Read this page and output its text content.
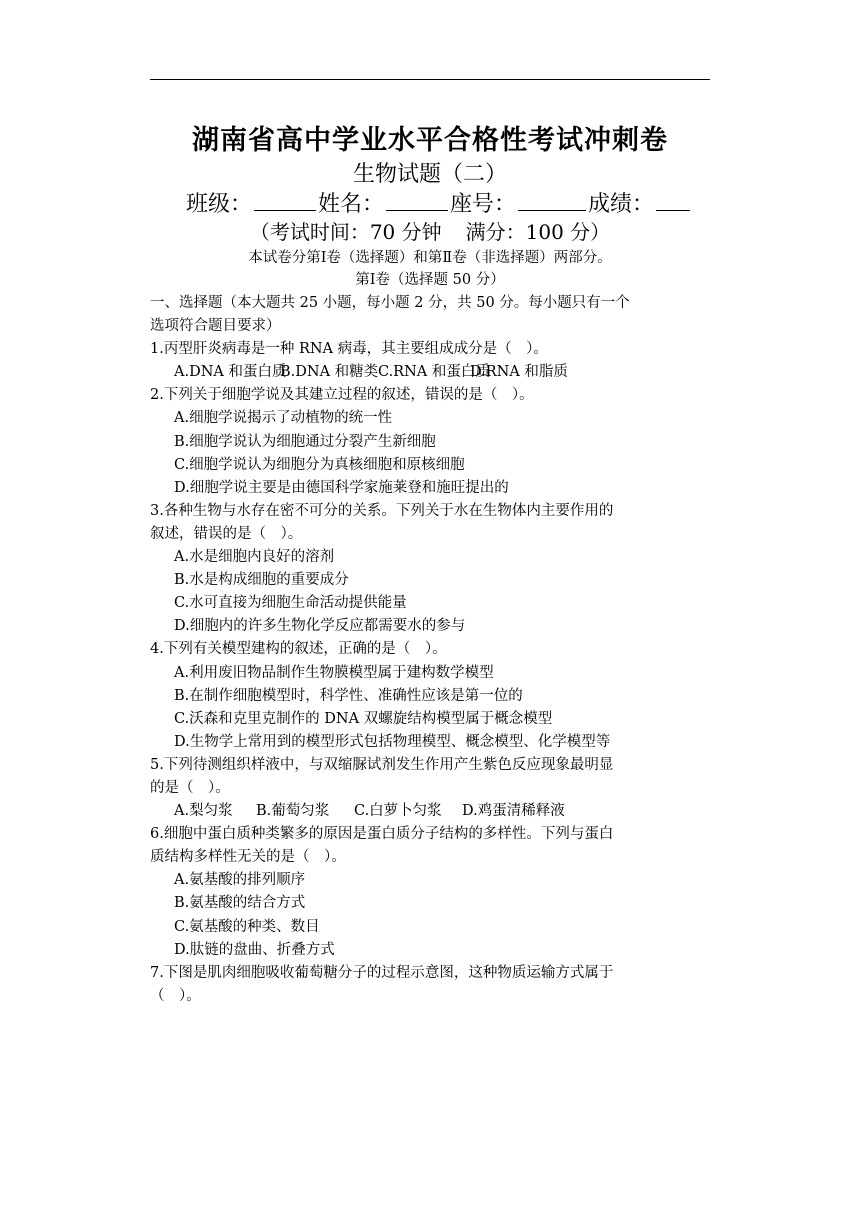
湖南省高中学业水平合格性考试冲刺卷
生物试题（二）
班级：	姓名：	座号：	成绩：
（考试时间：70 分钟 满分：100 分）
本试卷分第Ⅰ卷（选择题）和第Ⅱ卷（非选择题）两部分。
第Ⅰ卷（选择题 50 分）
一、选择题（本大题共 25 小题，每小题 2 分，共 50 分。每小题只有一个
选项符合题目要求）
1.丙型肝炎病毒是一种 RNA 病毒，其主要组成成分是（　）。
A.DNA 和蛋白质
B.DNA 和糖类 C.RNA 和蛋白质
D.RNA 和脂质
2.下列关于细胞学说及其建立过程的叙述，错误的是（　）。
A.细胞学说揭示了动植物的统一性
B.细胞学说认为细胞通过分裂产生新细胞
C.细胞学说认为细胞分为真核细胞和原核细胞
D.细胞学说主要是由德国科学家施莱登和施旺提出的
3.各种生物与水存在密不可分的关系。下列关于水在生物体内主要作用的
叙述，错误的是（　）。
A.水是细胞内良好的溶剂
B.水是构成细胞的重要成分
C.水可直接为细胞生命活动提供能量
D.细胞内的许多生物化学反应都需要水的参与
4.下列有关模型建构的叙述，正确的是（　）。
A.利用废旧物品制作生物膜模型属于建构数学模型
B.在制作细胞模型时，科学性、准确性应该是第一位的
C.沃森和克里克制作的 DNA 双螺旋结构模型属于概念模型
D.生物学上常用到的模型形式包括物理模型、概念模型、化学模型等
5.下列待测组织样液中，与双缩脲试剂发生作用产生紫色反应现象最明显
的是（　）。
A.梨匀浆	B.葡萄匀浆	C.白萝卜匀浆	D.鸡蛋清稀释液
6.细胞中蛋白质种类繁多的原因是蛋白质分子结构的多样性。下列与蛋白
质结构多样性无关的是（　）。
A.氨基酸的排列顺序
B.氨基酸的结合方式
C.氨基酸的种类、数目
D.肽链的盘曲、折叠方式
7.下图是肌肉细胞吸收葡萄糖分子的过程示意图，这种物质运输方式属于
（　）。
